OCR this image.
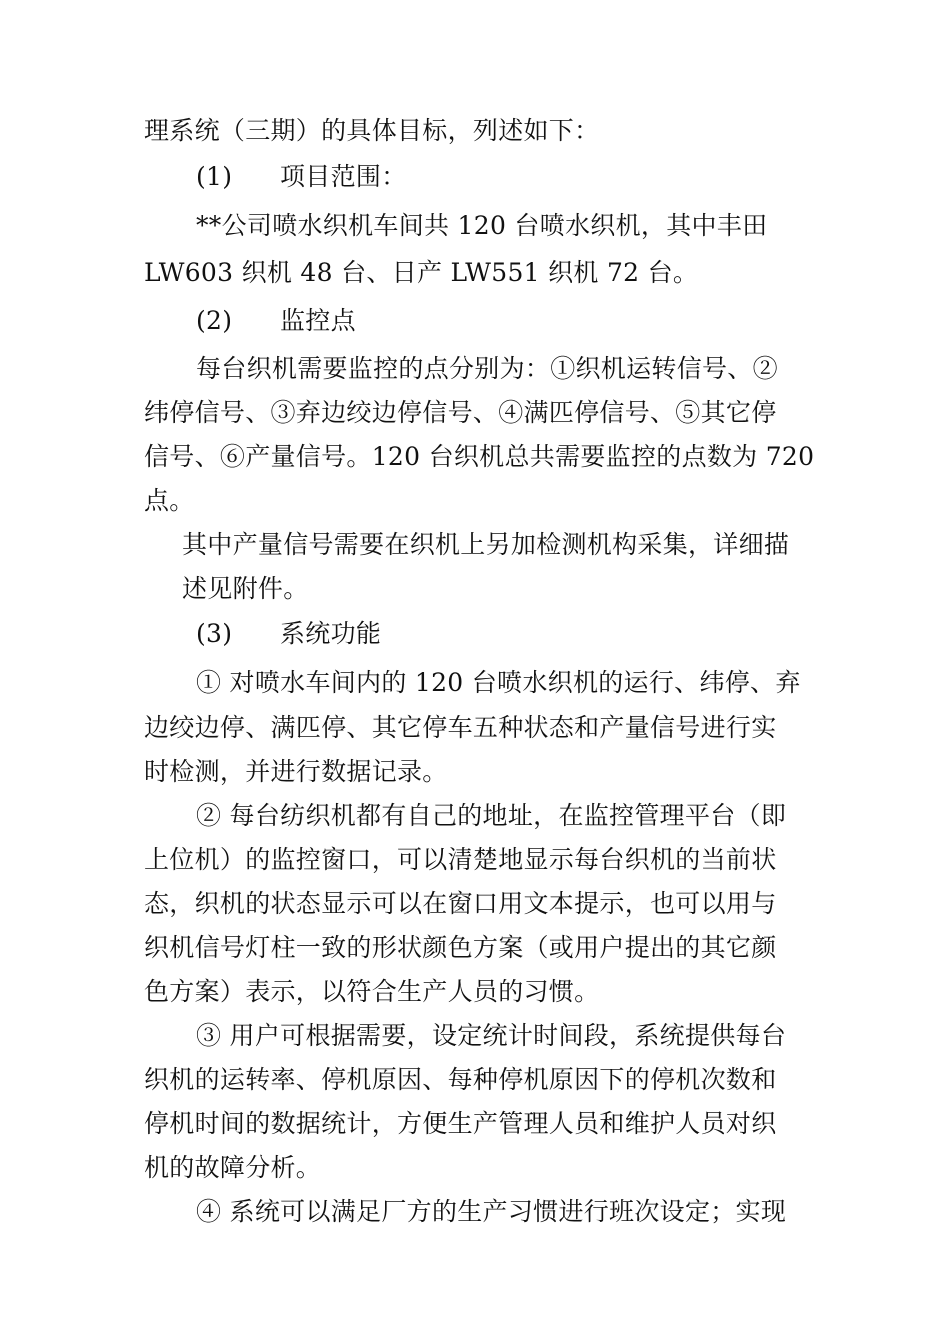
理系统（三期）的具体目标，列述如下：

(1)	项目范围：

**公司喷水织机车间共 120 台喷水织机，其中丰田

LW603 织机 48 台、日产 LW551 织机 72 台。

(2)	监控点

每台织机需要监控的点分别为：①织机运转信号、②

纬停信号、③弃边绞边停信号、④满匹停信号、⑤其它停

信号、⑥产量信号。120 台织机总共需要监控的点数为 720

点。

其中产量信号需要在织机上另加检测机构采集，详细描

述见附件。

(3)	系统功能

① 对喷水车间内的 120 台喷水织机的运行、纬停、弃

边绞边停、满匹停、其它停车五种状态和产量信号进行实

时检测，并进行数据记录。

② 每台纺织机都有自己的地址，在监控管理平台（即

上位机）的监控窗口，可以清楚地显示每台织机的当前状

态，织机的状态显示可以在窗口用文本提示，也可以用与

织机信号灯柱一致的形状颜色方案（或用户提出的其它颜

色方案）表示，以符合生产人员的习惯。

③ 用户可根据需要，设定统计时间段，系统提供每台

织机的运转率、停机原因、每种停机原因下的停机次数和

停机时间的数据统计，方便生产管理人员和维护人员对织

机的故障分析。

④ 系统可以满足厂方的生产习惯进行班次设定；实现
